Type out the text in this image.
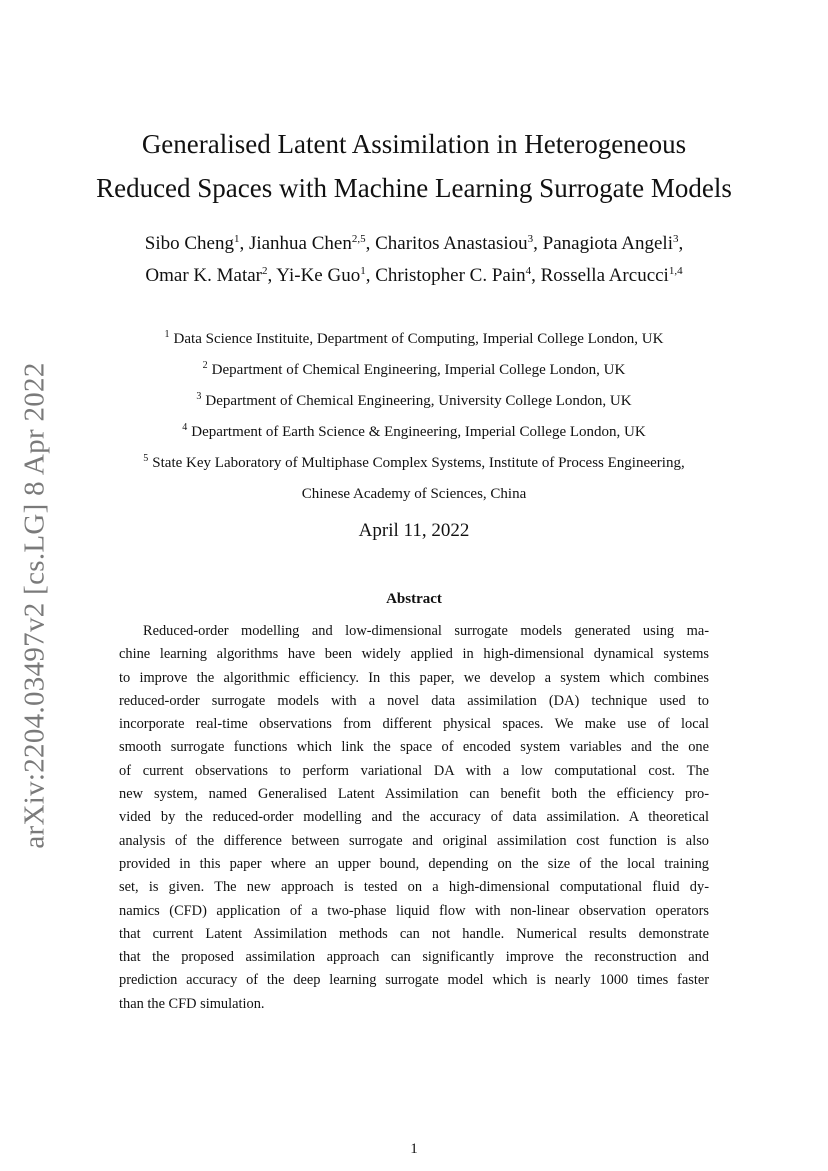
arXiv:2204.03497v2 [cs.LG] 8 Apr 2022
Generalised Latent Assimilation in Heterogeneous
Reduced Spaces with Machine Learning Surrogate Models
Sibo Cheng$^1$, Jianhua Chen$^{2,5}$, Charitos Anastasiou$^3$, Panagiota Angeli$^3$,
Omar K. Matar$^2$, Yi-Ke Guo$^1$, Christopher C. Pain$^4$, Rossella Arcucci$^{1,4}$
$^1$ Data Science Instituite, Department of Computing, Imperial College London, UK
$^2$ Department of Chemical Engineering, Imperial College London, UK
$^3$ Department of Chemical Engineering, University College London, UK
$^4$ Department of Earth Science & Engineering, Imperial College London, UK
$^5$ State Key Laboratory of Multiphase Complex Systems, Institute of Process Engineering,
Chinese Academy of Sciences, China
April 11, 2022
Abstract
Reduced-order modelling and low-dimensional surrogate models generated using ma-
chine learning algorithms have been widely applied in high-dimensional dynamical systems
to improve the algorithmic efficiency. In this paper, we develop a system which combines
reduced-order surrogate models with a novel data assimilation (DA) technique used to
incorporate real-time observations from different physical spaces. We make use of local
smooth surrogate functions which link the space of encoded system variables and the one
of current observations to perform variational DA with a low computational cost. The
new system, named Generalised Latent Assimilation can benefit both the efficiency pro-
vided by the reduced-order modelling and the accuracy of data assimilation. A theoretical
analysis of the difference between surrogate and original assimilation cost function is also
provided in this paper where an upper bound, depending on the size of the local training
set, is given. The new approach is tested on a high-dimensional computational fluid dy-
namics (CFD) application of a two-phase liquid flow with non-linear observation operators
that current Latent Assimilation methods can not handle. Numerical results demonstrate
that the proposed assimilation approach can significantly improve the reconstruction and
prediction accuracy of the deep learning surrogate model which is nearly 1000 times faster
than the CFD simulation.
1
